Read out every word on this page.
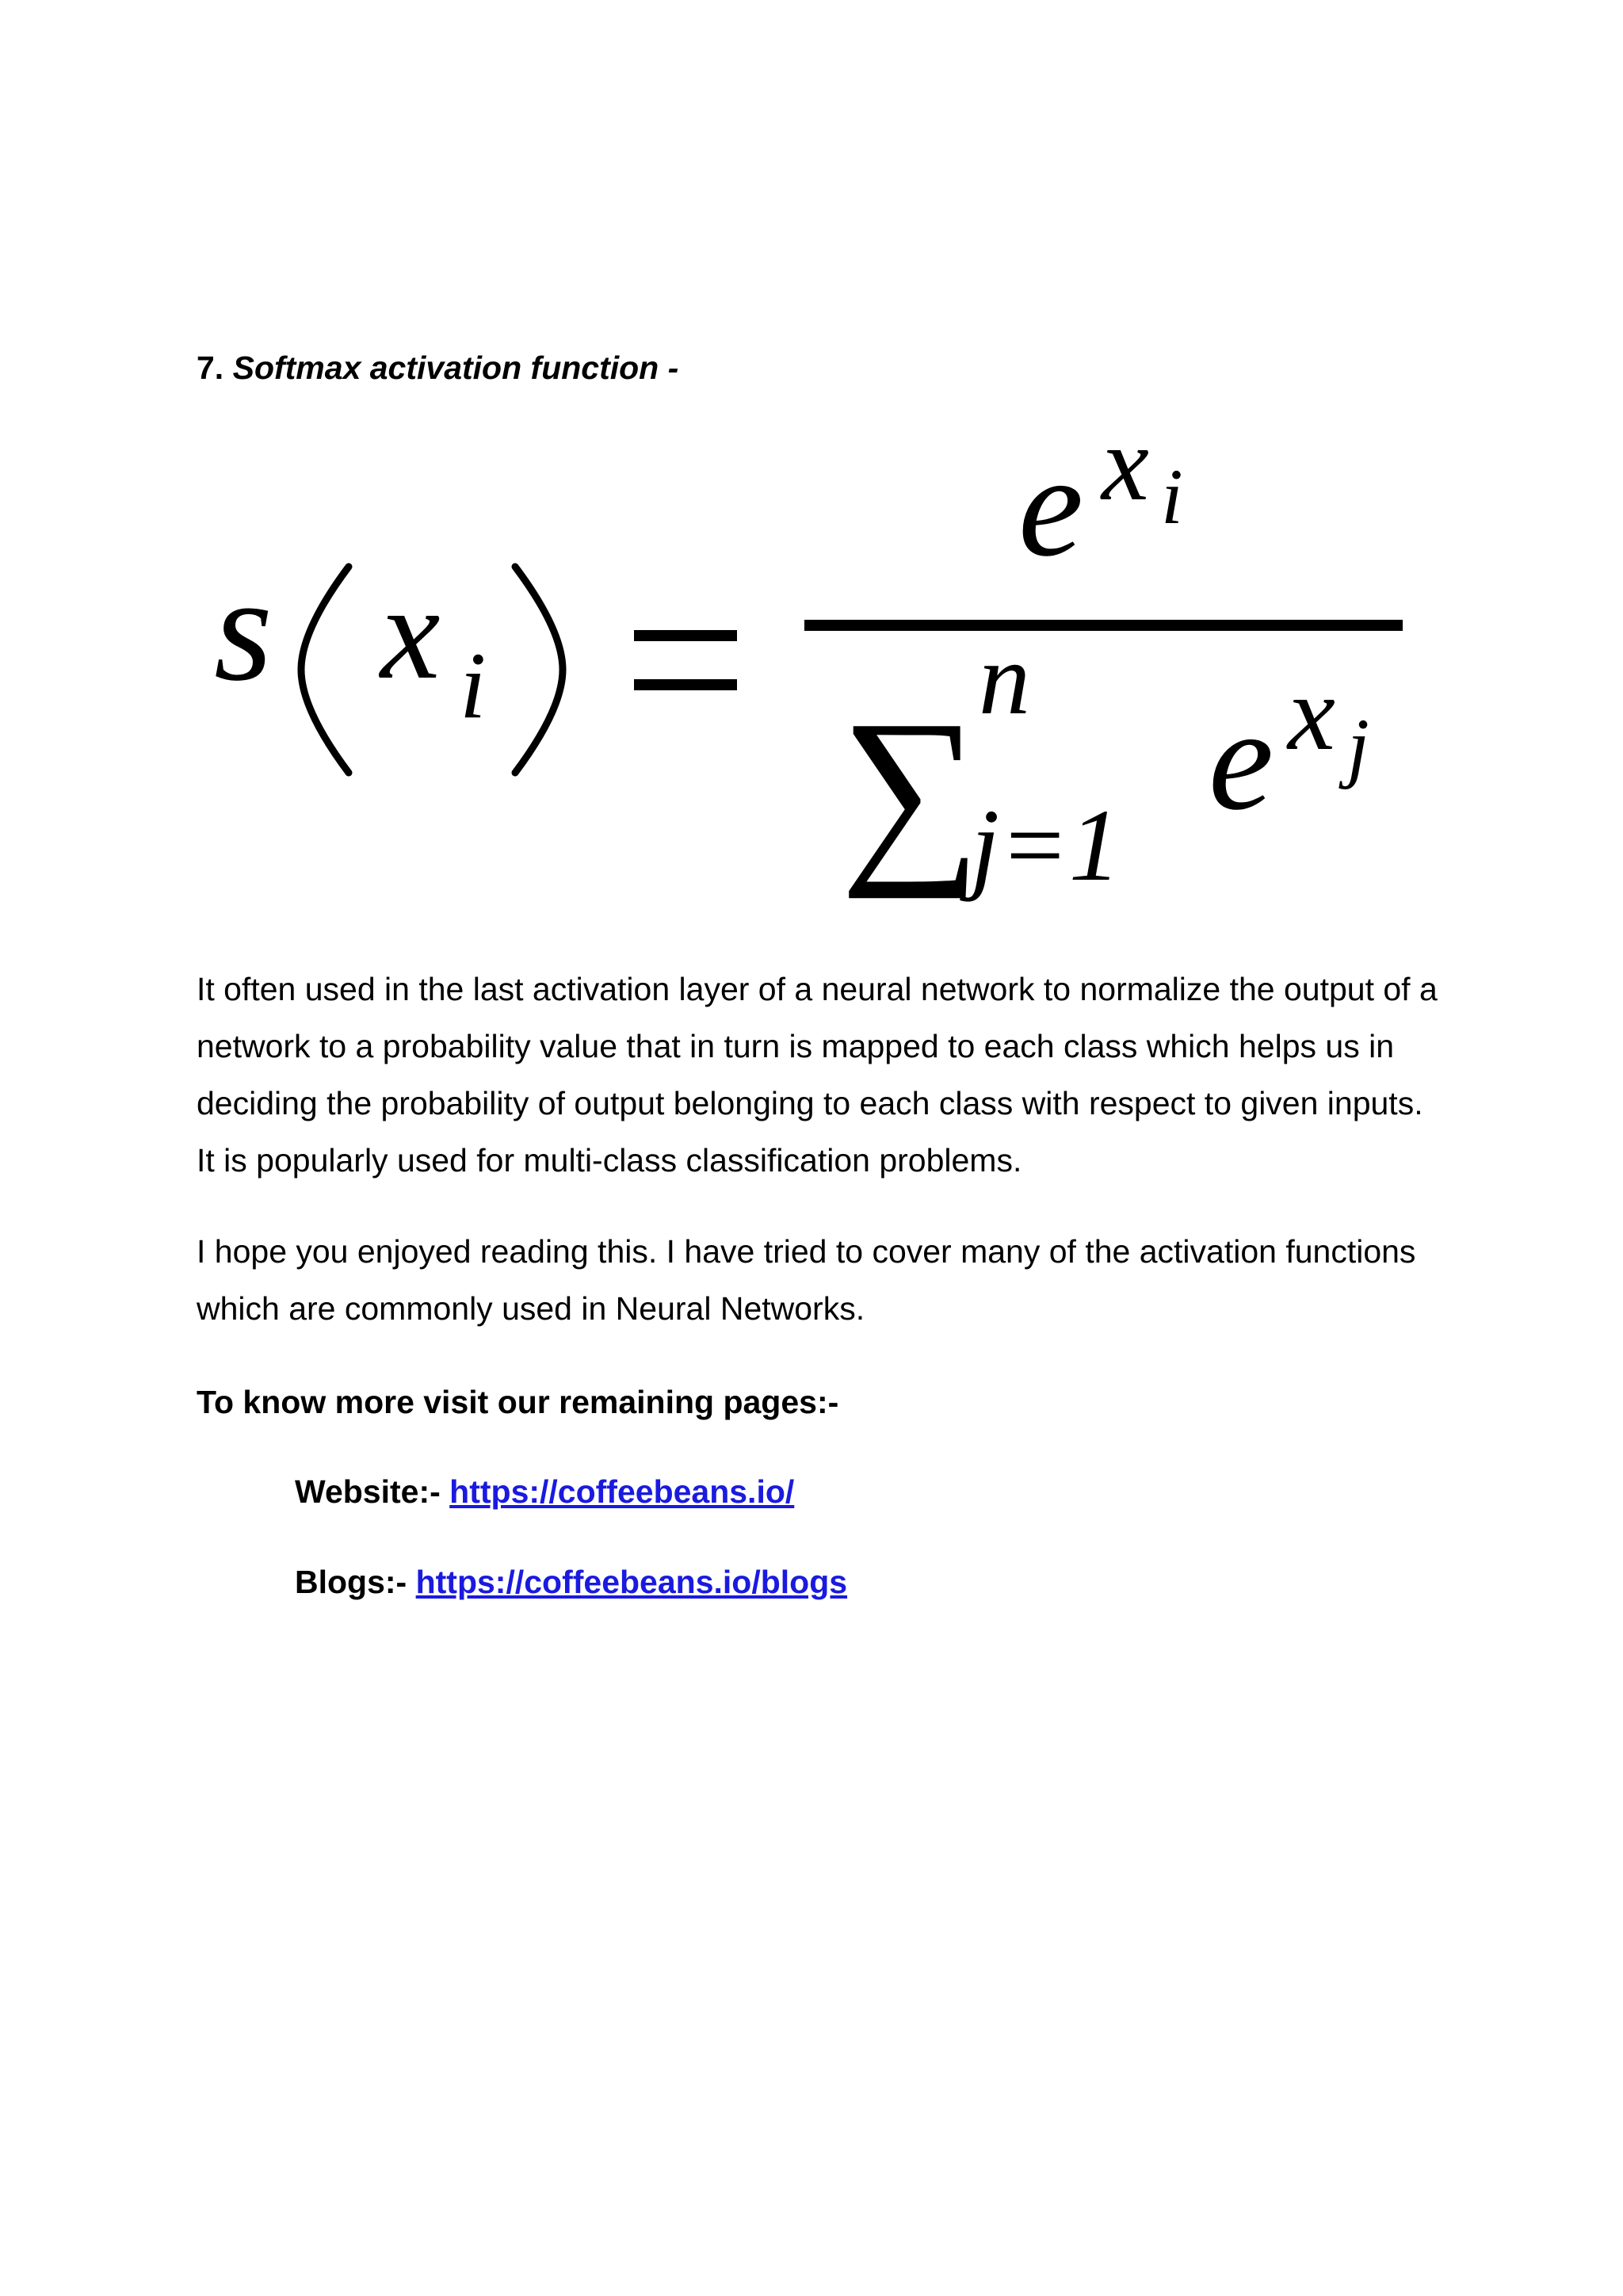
7. Softmax activation function -
s x i
e x i
∑
n
j=1
e x j

It often used in the last activation layer of a neural network to normalize the output of a network to a probability value that in turn is mapped to each class which helps us in deciding the probability of output belonging to each class with respect to given inputs. It is popularly used for multi-class classification problems.

I hope you enjoyed reading this. I have tried to cover many of the activation functions which are commonly used in Neural Networks.

To know more visit our remaining pages:-
Website:- https://coffeebeans.io/
Blogs:- https://coffeebeans.io/blogs
